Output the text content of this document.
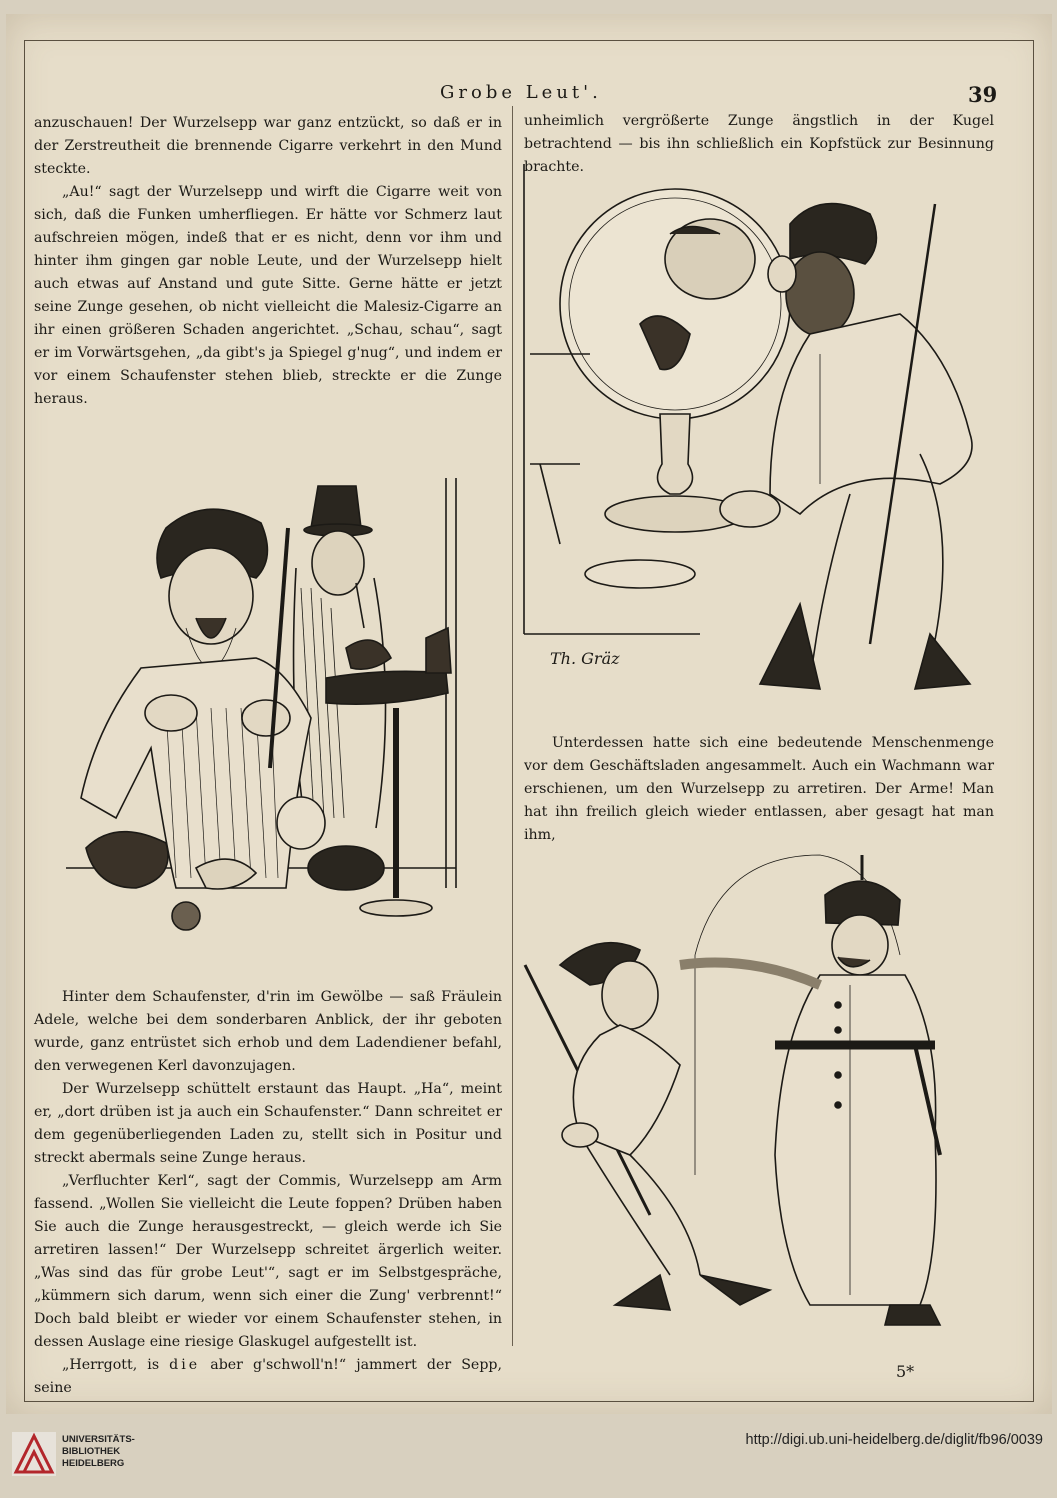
Grobe Leut'.	39

anzuschauen! Der Wurzelsepp war ganz entzückt, so daß er in der Zerstreutheit die brennende Cigarre verkehrt in den Mund steckte.

„Au!“ sagt der Wurzelsepp und wirft die Cigarre weit von sich, daß die Funken umherfliegen. Er hätte vor Schmerz laut aufschreien mögen, indeß that er es nicht, denn vor ihm und hinter ihm gingen gar noble Leute, und der Wurzelsepp hielt auch etwas auf Anstand und gute Sitte. Gerne hätte er jetzt seine Zunge gesehen, ob nicht vielleicht die Malesiz-Cigarre an ihr einen größeren Schaden angerichtet. „Schau, schau“, sagt er im Vorwärtsgehen, „da gibt's ja Spiegel g'nug“, und indem er vor einem Schaufenster stehen blieb, streckte er die Zunge heraus.

Hinter dem Schaufenster, d'rin im Gewölbe — saß Fräulein Adele, welche bei dem sonderbaren Anblick, der ihr geboten wurde, ganz entrüstet sich erhob und dem Ladendiener befahl, den verwegenen Kerl davonzujagen.

Der Wurzelsepp schüttelt erstaunt das Haupt. „Ha“, meint er, „dort drüben ist ja auch ein Schaufenster.“ Dann schreitet er dem gegenüberliegenden Laden zu, stellt sich in Positur und streckt abermals seine Zunge heraus.

„Verfluchter Kerl“, sagt der Commis, Wurzelsepp am Arm fassend. „Wollen Sie vielleicht die Leute foppen? Drüben haben Sie auch die Zunge herausgestreckt, — gleich werde ich Sie arretiren lassen!“ Der Wurzelsepp schreitet ärgerlich weiter. „Was sind das für grobe Leut'“, sagt er im Selbstgespräche, „kümmern sich darum, wenn sich einer die Zung' verbrennt!“ Doch bald bleibt er wieder vor einem Schaufenster stehen, in dessen Auslage eine riesige Glaskugel aufgestellt ist.

„Herrgott, is die aber g'schwoll'n!“ jammert der Sepp, seine

unheimlich vergrößerte Zunge ängstlich in der Kugel betrachtend — bis ihn schließlich ein Kopfstück zur Besinnung brachte.

Th. Gräz

Unterdessen hatte sich eine bedeutende Menschenmenge vor dem Geschäftsladen angesammelt. Auch ein Wachmann war erschienen, um den Wurzelsepp zu arretiren. Der Arme! Man hat ihn freilich gleich wieder entlassen, aber gesagt hat man ihm,

5*
UNIVERSITÄTS-
BIBLIOTHEK
HEIDELBERG
http://digi.ub.uni-heidelberg.de/diglit/fb96/0039
